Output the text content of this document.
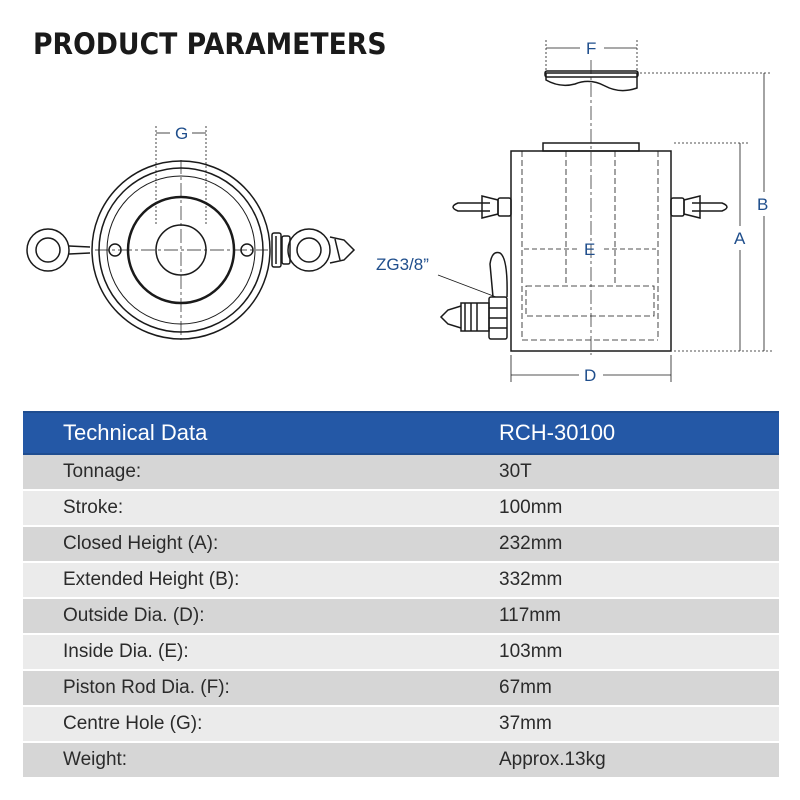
PRODUCT PARAMETERS
G
F
E
D
A
B
ZG3/8”
Technical Data	RCH-30100
Tonnage:	30T
Stroke:	100mm
Closed Height (A):	232mm
Extended Height (B):	332mm
Outside Dia. (D):	117mm
Inside Dia. (E):	103mm
Piston Rod Dia. (F):	67mm
Centre Hole (G):	37mm
Weight:	Approx.13kg
